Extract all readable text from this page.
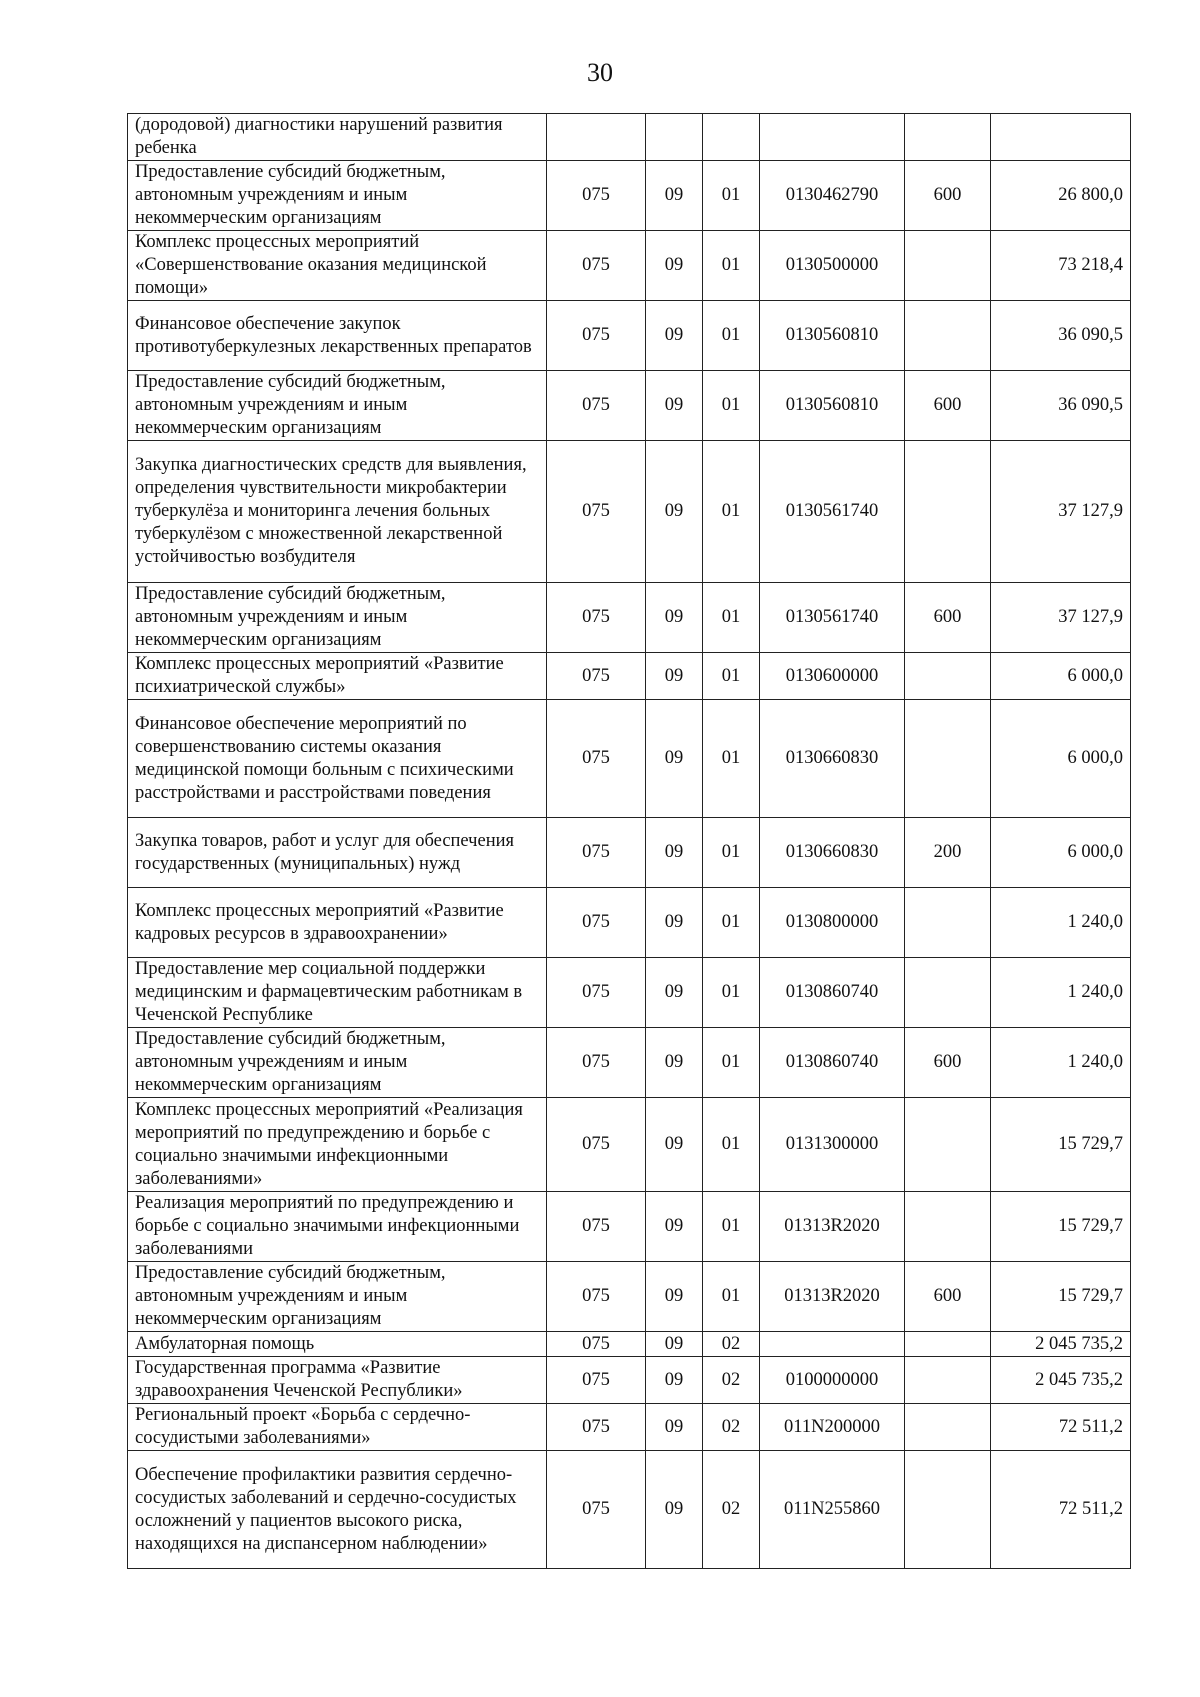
30
(дородовой) диагностики нарушений развития ребенка						
Предоставление субсидий бюджетным, автономным учреждениям и иным некоммерческим организациям	075	09	01	0130462790	600	26 800,0
Комплекс процессных мероприятий «Совершенствование оказания медицинской помощи»	075	09	01	0130500000		73 218,4
Финансовое обеспечение закупок противотуберкулезных лекарственных препаратов	075	09	01	0130560810		36 090,5
Предоставление субсидий бюджетным, автономным учреждениям и иным некоммерческим организациям	075	09	01	0130560810	600	36 090,5
Закупка диагностических средств для выявления, определения чувствительности микробактерии туберкулёза и мониторинга лечения больных туберкулёзом с множественной лекарственной устойчивостью возбудителя	075	09	01	0130561740		37 127,9
Предоставление субсидий бюджетным, автономным учреждениям и иным некоммерческим организациям	075	09	01	0130561740	600	37 127,9
Комплекс процессных мероприятий «Развитие психиатрической службы»	075	09	01	0130600000		6 000,0
Финансовое обеспечение мероприятий по совершенствованию системы оказания медицинской помощи больным с психическими расстройствами и расстройствами поведения	075	09	01	0130660830		6 000,0
Закупка товаров, работ и услуг для обеспечения государственных (муниципальных) нужд	075	09	01	0130660830	200	6 000,0
Комплекс процессных мероприятий «Развитие кадровых ресурсов в здравоохранении»	075	09	01	0130800000		1 240,0
Предоставление мер социальной поддержки медицинским и фармацевтическим работникам в Чеченской Республике	075	09	01	0130860740		1 240,0
Предоставление субсидий бюджетным, автономным учреждениям и иным некоммерческим организациям	075	09	01	0130860740	600	1 240,0
Комплекс процессных мероприятий «Реализация мероприятий по предупреждению и борьбе с социально значимыми инфекционными заболеваниями»	075	09	01	0131300000		15 729,7
Реализация мероприятий по предупреждению и борьбе с социально значимыми инфекционными заболеваниями	075	09	01	01313R2020		15 729,7
Предоставление субсидий бюджетным, автономным учреждениям и иным некоммерческим организациям	075	09	01	01313R2020	600	15 729,7
Амбулаторная помощь	075	09	02			2 045 735,2
Государственная программа «Развитие здравоохранения Чеченской Республики»	075	09	02	0100000000		2 045 735,2
Региональный проект «Борьба с сердечно-сосудистыми заболеваниями»	075	09	02	011N200000		72 511,2
Обеспечение профилактики развития сердечно-сосудистых заболеваний и сердечно-сосудистых осложнений у пациентов высокого риска, находящихся на диспансерном наблюдении»	075	09	02	011N255860		72 511,2
